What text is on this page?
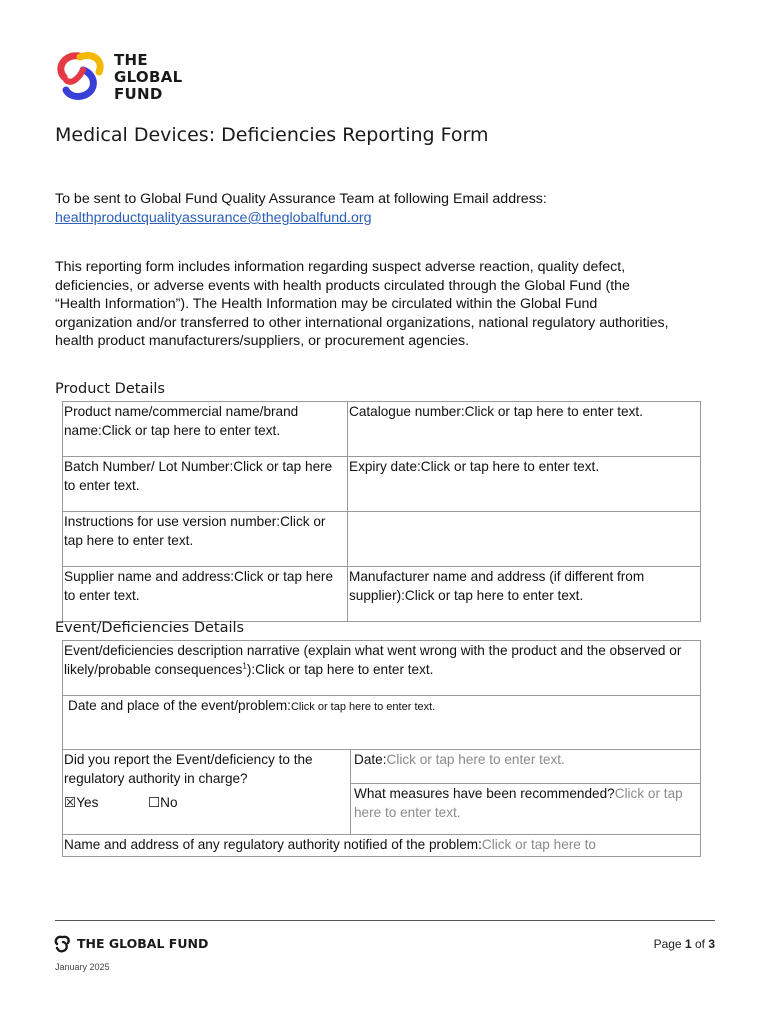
THE
GLOBAL
FUND
Medical Devices: Deficiencies Reporting Form
To be sent to Global Fund Quality Assurance Team at following Email address:
healthproductqualityassurance@theglobalfund.org
This reporting form includes information regarding suspect adverse reaction, quality defect, deficiencies, or adverse events with health products circulated through the Global Fund (the “Health Information”). The Health Information may be circulated within the Global Fund organization and/or transferred to other international organizations, national regulatory authorities, health product manufacturers/suppliers, or procurement agencies.
Product Details
Product name/commercial name/brand name:Click or tap here to enter text.	Catalogue number:Click or tap here to enter text.
Batch Number/ Lot Number:Click or tap here to enter text.	Expiry date:Click or tap here to enter text.
Instructions for use version number:Click or tap here to enter text.	
Supplier name and address:Click or tap here to enter text.	Manufacturer name and address (if different from supplier):Click or tap here to enter text.
Event/Deficiencies Details
Event/deficiencies description narrative (explain what went wrong with the product and the observed or likely/probable consequences$^1$):Click or tap here to enter text.
Date and place of the event/problem:Click or tap here to enter text.

Did you report the Event/deficiency to the regulatory authority in charge?
☒Yes	☐No
	Date:Click or tap here to enter text.
What measures have been recommended?Click or tap here to enter text.
Name and address of any regulatory authority notified of the problem:Click or tap here to
THE GLOBAL FUND	Page 1 of 3
January 2025
